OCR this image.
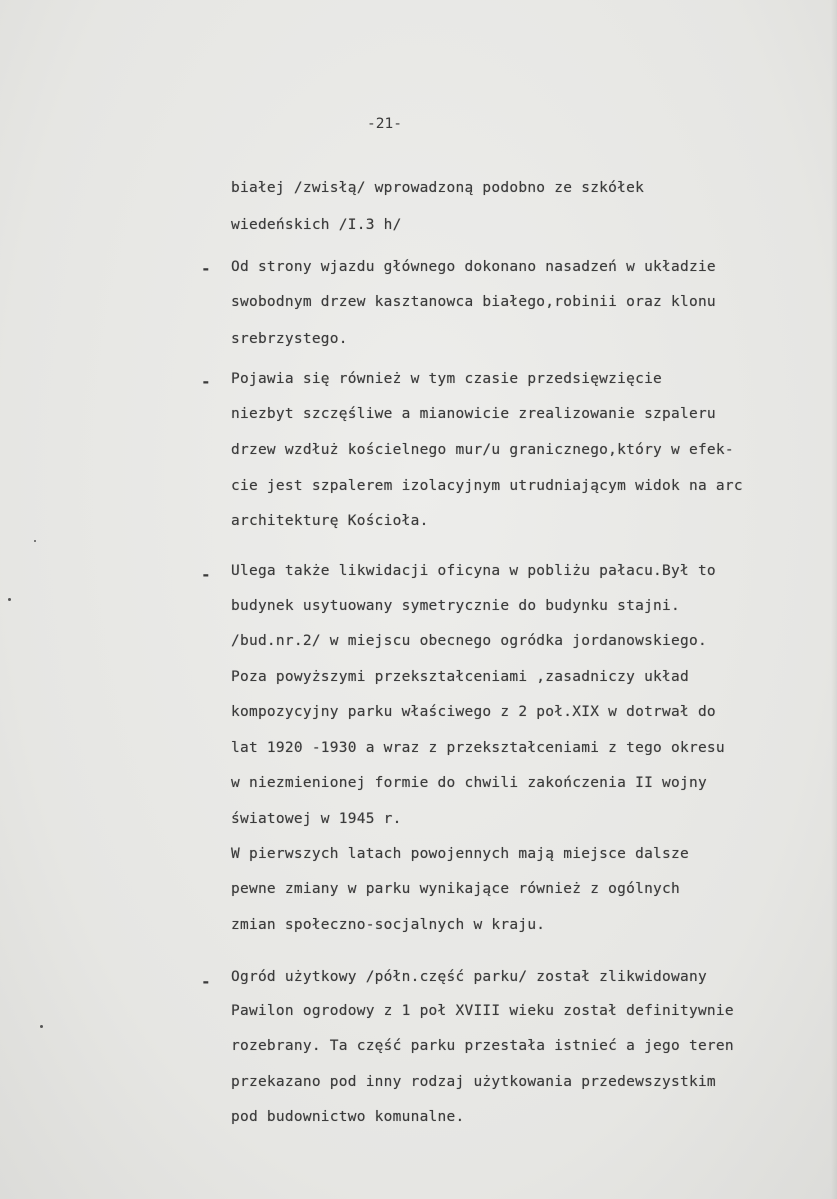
-21-

białej /zwisłą/ wprowadzoną podobno ze szkółek

wiedeńskich /I.3 h/

- Od strony wjazdu głównego dokonano nasadzeń w układzie

swobodnym drzew kasztanowca białego,robinii oraz klonu

srebrzystego.

- Pojawia się również w tym czasie przedsięwzięcie

niezbyt szczęśliwe a mianowicie zrealizowanie szpaleru

drzew wzdłuż kościelnego mur/u granicznego,który w efek-

cie jest szpalerem izolacyjnym utrudniającym widok na arc

architekturę Kościoła.

- Ulega także likwidacji oficyna w pobliżu pałacu.Był to

budynek usytuowany symetrycznie do budynku stajni.

/bud.nr.2/ w miejscu obecnego ogródka jordanowskiego.

Poza powyższymi przekształceniami ,zasadniczy układ

kompozycyjny parku właściwego z 2 poł.XIX w dotrwał do

lat 1920 -1930 a wraz z przekształceniami z tego okresu

w niezmienionej formie do chwili zakończenia II wojny

światowej w 1945 r.

W pierwszych latach powojennych mają miejsce dalsze

pewne zmiany w parku wynikające również z ogólnych

zmian społeczno-socjalnych w kraju.

- Ogród użytkowy /półn.część parku/ został zlikwidowany

Pawilon ogrodowy z 1 poł XVIII wieku został definitywnie

rozebrany. Ta część parku przestała istnieć a jego teren

przekazano pod inny rodzaj użytkowania przedewszystkim

pod budownictwo komunalne.
